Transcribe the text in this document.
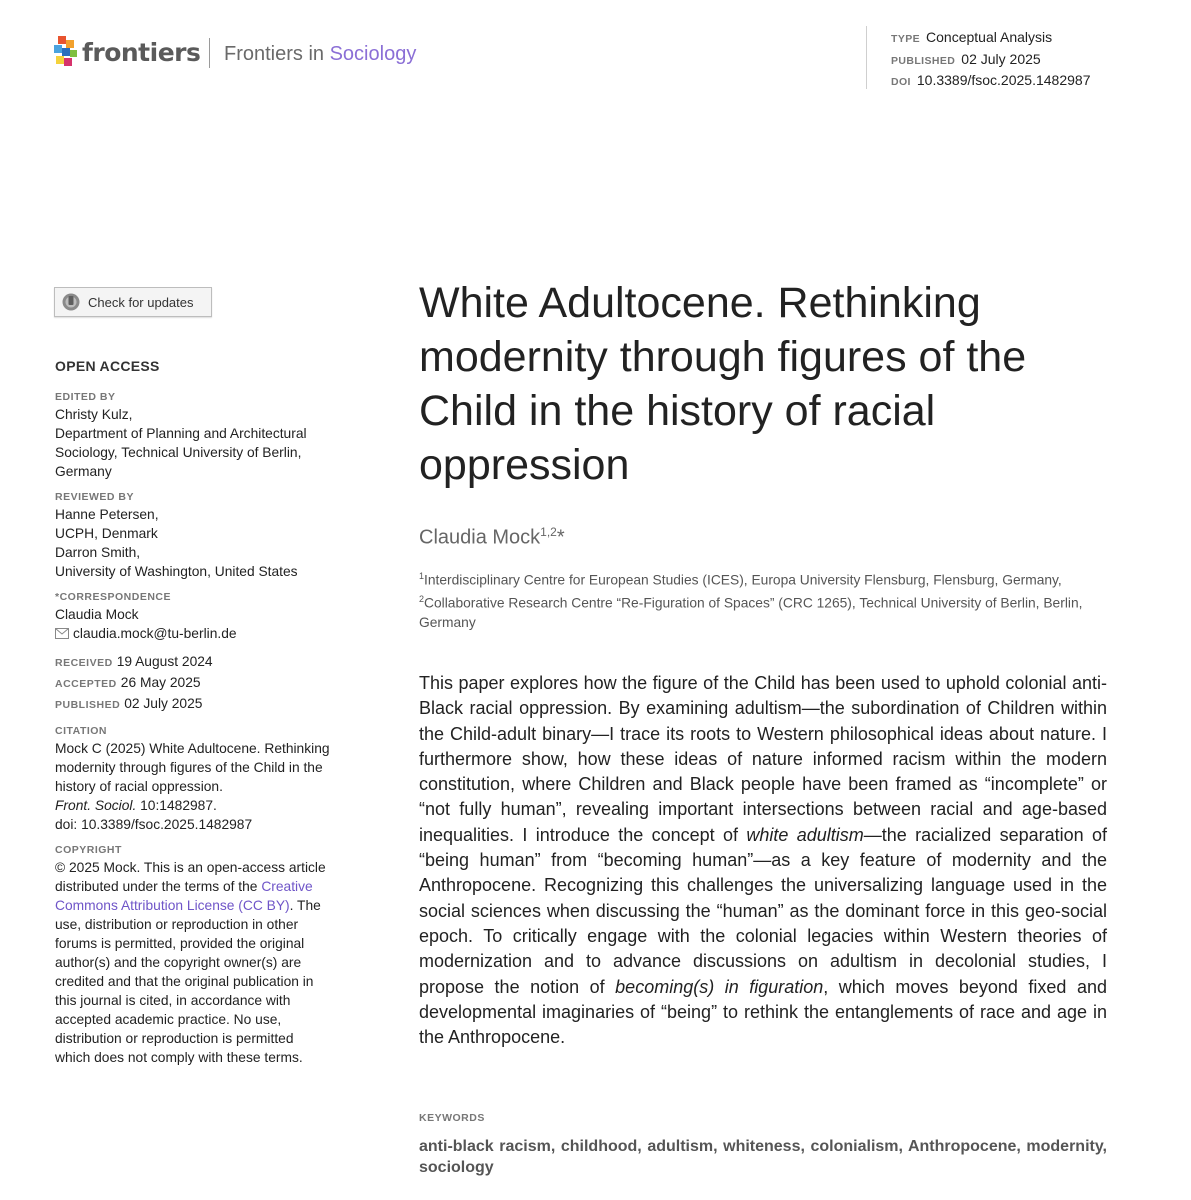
frontiers Frontiers in Sociology
TYPE Conceptual Analysis
PUBLISHED 02 July 2025
DOI 10.3389/fsoc.2025.1482987
Check for updates
OPEN ACCESS
EDITED BY
Christy Kulz,
Department of Planning and Architectural
Sociology, Technical University of Berlin,
Germany
REVIEWED BY
Hanne Petersen,
UCPH, Denmark
Darron Smith,
University of Washington, United States
*CORRESPONDENCE
Claudia Mock
claudia.mock@tu-berlin.de
RECEIVED 19 August 2024
ACCEPTED 26 May 2025
PUBLISHED 02 July 2025
CITATION
Mock C (2025) White Adultocene. Rethinking
modernity through figures of the Child in the
history of racial oppression.
Front. Sociol. 10:1482987.
doi: 10.3389/fsoc.2025.1482987
COPYRIGHT
© 2025 Mock. This is an open-access article
distributed under the terms of the Creative
Commons Attribution License (CC BY). The
use, distribution or reproduction in other
forums is permitted, provided the original
author(s) and the copyright owner(s) are
credited and that the original publication in
this journal is cited, in accordance with
accepted academic practice. No use,
distribution or reproduction is permitted
which does not comply with these terms.
White Adultocene. Rethinking modernity through figures of the Child in the history of racial oppression
Claudia Mock$^{1,2}$*
$^1$Interdisciplinary Centre for European Studies (ICES), Europa University Flensburg, Flensburg, Germany, $^2$Collaborative Research Centre “Re-Figuration of Spaces” (CRC 1265), Technical University of Berlin, Berlin, Germany

This paper explores how the figure of the Child has been used to uphold colonial anti-Black racial oppression. By examining adultism—the subordination of Children within the Child-adult binary—I trace its roots to Western philosophical ideas about nature. I furthermore show, how these ideas of nature informed racism within the modern constitution, where Children and Black people have been framed as “incomplete” or “not fully human”, revealing important intersections between racial and age-based inequalities. I introduce the concept of white adultism—the racialized separation of “being human” from “becoming human”—as a key feature of modernity and the Anthropocene. Recognizing this challenges the universalizing language used in the social sciences when discussing the “human” as the dominant force in this geo-social epoch. To critically engage with the colonial legacies within Western theories of modernization and to advance discussions on adultism in decolonial studies, I propose the notion of becoming(s) in figuration, which moves beyond fixed and developmental imaginaries of “being” to rethink the entanglements of race and age in the Anthropocene.

KEYWORDS
anti-black racism, childhood, adultism, whiteness, colonialism, Anthropocene, modernity, sociology
